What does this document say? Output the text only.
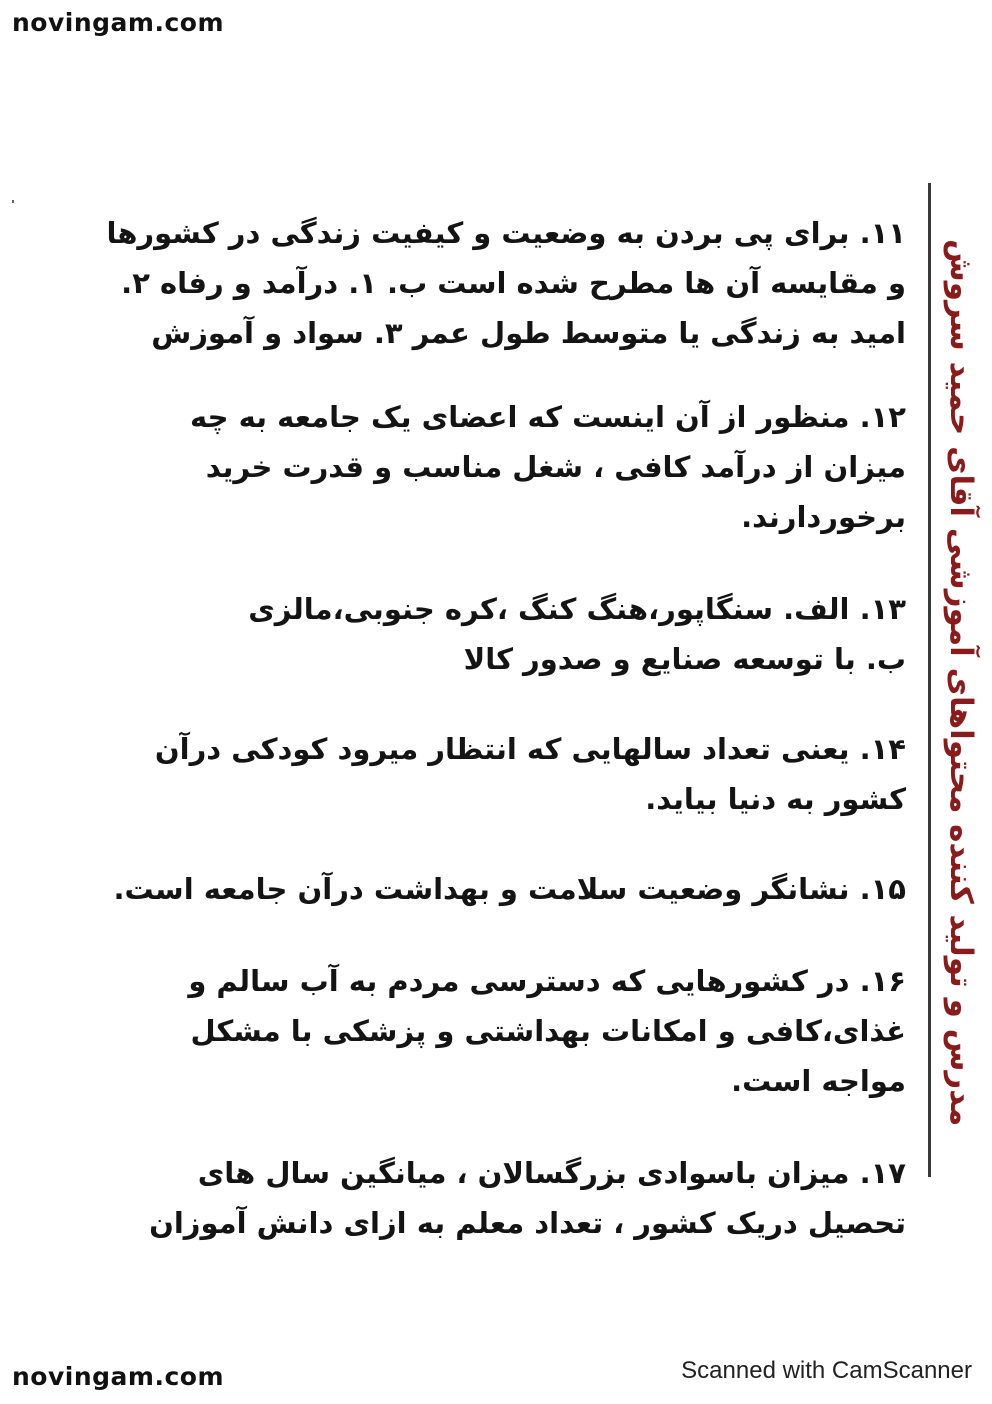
novingam.com

۱۱. برای پی بردن به وضعیت و کیفیت زندگی در کشورها
و مقایسه آن ها مطرح شده است ب. ۱. درآمد و رفاه ۲.
امید به زندگی یا متوسط طول عمر ۳. سواد و آموزش

۱۲. منظور از آن اینست که اعضای یک جامعه به چه
میزان از درآمد کافی ، شغل مناسب و قدرت خرید
برخوردارند.

۱۳. الف. سنگاپور،هنگ کنگ ،کره جنوبی،مالزی
ب. با توسعه صنایع و صدور کالا

۱۴. یعنی تعداد سالهایی که انتظار میرود کودکی درآن
کشور به دنیا بیاید.

۱۵. نشانگر وضعیت سلامت و بهداشت درآن جامعه است.

۱۶. در کشورهایی که دسترسی مردم به آب سالم و
غذای،کافی و امکانات بهداشتی و پزشکی با مشکل
مواجه است.

۱۷. میزان باسوادی بزرگسالان ، میانگین سال های
تحصیل دریک کشور ، تعداد معلم به ازای دانش آموزان

مدرس و تولید کننده محتواهای آموزشی آقای حمید سروش
novingam.com	Scanned with CamScanner
